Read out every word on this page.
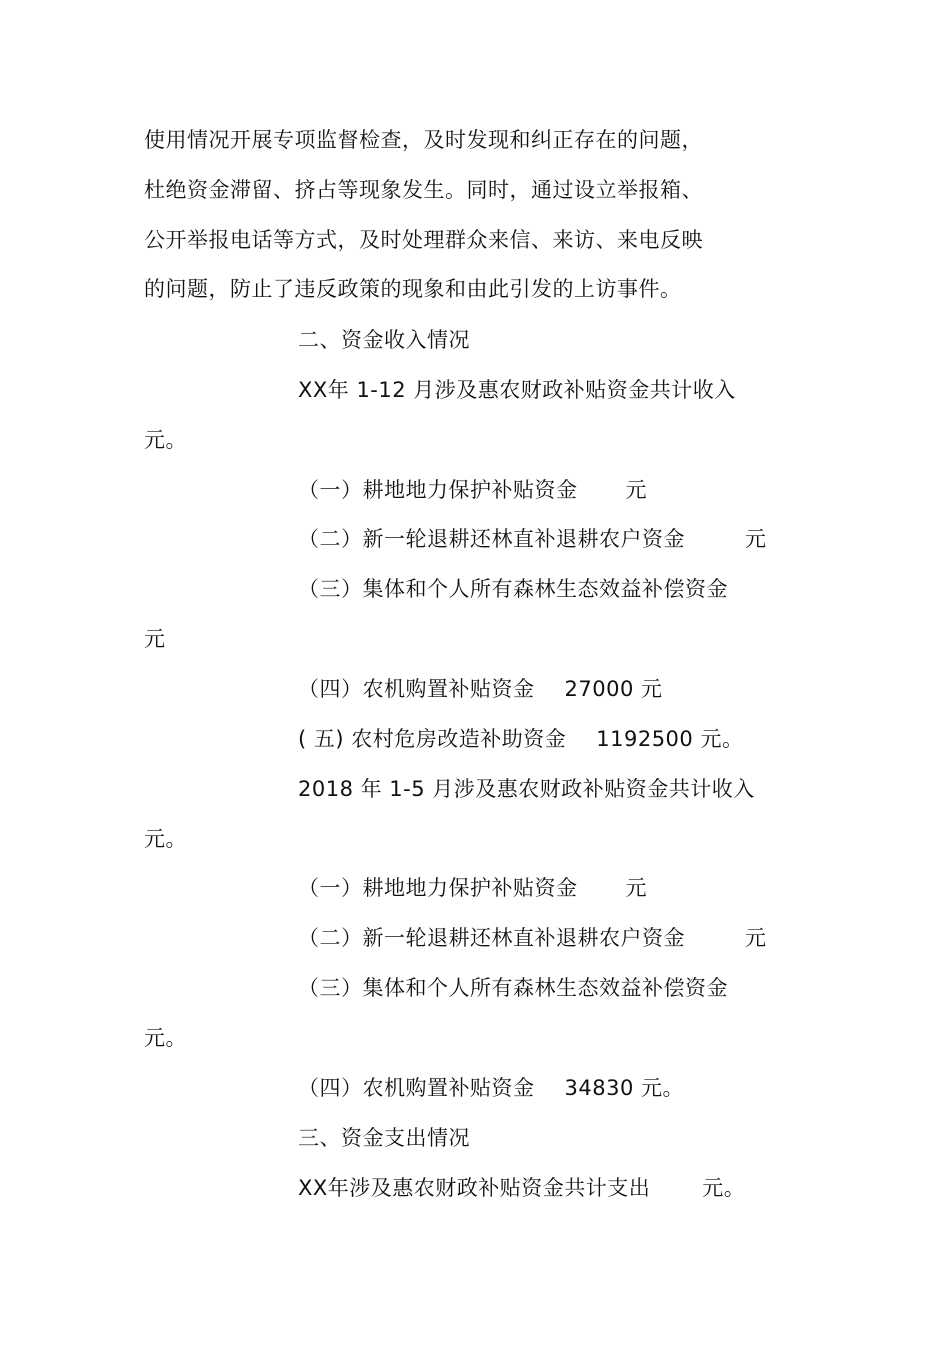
使用情况开展专项监督检查，及时发现和纠正存在的问题，
杜绝资金滞留、挤占等现象发生。同时，通过设立举报箱、
公开举报电话等方式，及时处理群众来信、来访、来电反映
的问题，防止了违反政策的现象和由此引发的上访事件。
二、资金收入情况
XX年 1-12 月涉及惠农财政补贴资金共计收入
元。
（一）耕地地力保护补贴资金 元
（二）新一轮退耕还林直补退耕农户资金	元
（三）集体和个人所有森林生态效益补偿资金
元
（四）农机购置补贴资金 27000 元
( 五) 农村危房改造补助资金 1192500 元。
2018 年 1-5 月涉及惠农财政补贴资金共计收入
元。
（一）耕地地力保护补贴资金 元
（二）新一轮退耕还林直补退耕农户资金	元
（三）集体和个人所有森林生态效益补偿资金
元。
（四）农机购置补贴资金 34830 元。
三、资金支出情况
XX年涉及惠农财政补贴资金共计支出 元。
